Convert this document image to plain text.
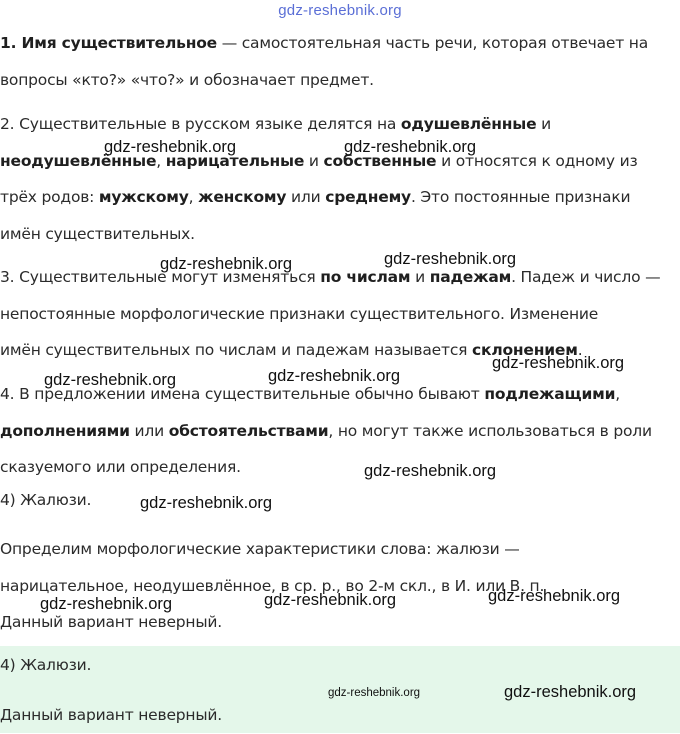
gdz-reshebnik.org

1. Имя существительное — самостоятельная часть речи, которая отвечает на
вопросы «кто?» «что?» и обозначает предмет.

2. Существительные в русском языке делятся на одушевлённые и
неодушевлённые, нарицательные и собственные и относятся к одному из
трёх родов: мужскому, женскому или среднему. Это постоянные признаки
имён существительных.

3. Существительные могут изменяться по числам и падежам. Падеж и число —
непостоянные морфологические признаки существительного. Изменение
имён существительных по числам и падежам называется склонением.

4. В предложении имена существительные обычно бывают подлежащими,
дополнениями или обстоятельствами, но могут также использоваться в роли
сказуемого или определения.

4) Жалюзи.

Определим морфологические характеристики слова: жалюзи —
нарицательное, неодушевлённое, в ср. р., во 2-м скл., в И. или В. п.
Данный вариант неверный.

4) Жалюзи.

Данный вариант неверный.

gdz-reshebnik.org	gdz-reshebnik.org
gdz-reshebnik.org
gdz-reshebnik.org
gdz-reshebnik.org
gdz-reshebnik.org
gdz-reshebnik.org
gdz-reshebnik.org
gdz-reshebnik.org
gdz-reshebnik.org
gdz-reshebnik.org
gdz-reshebnik.org
gdz-reshebnik.org	gdz-reshebnik.org
